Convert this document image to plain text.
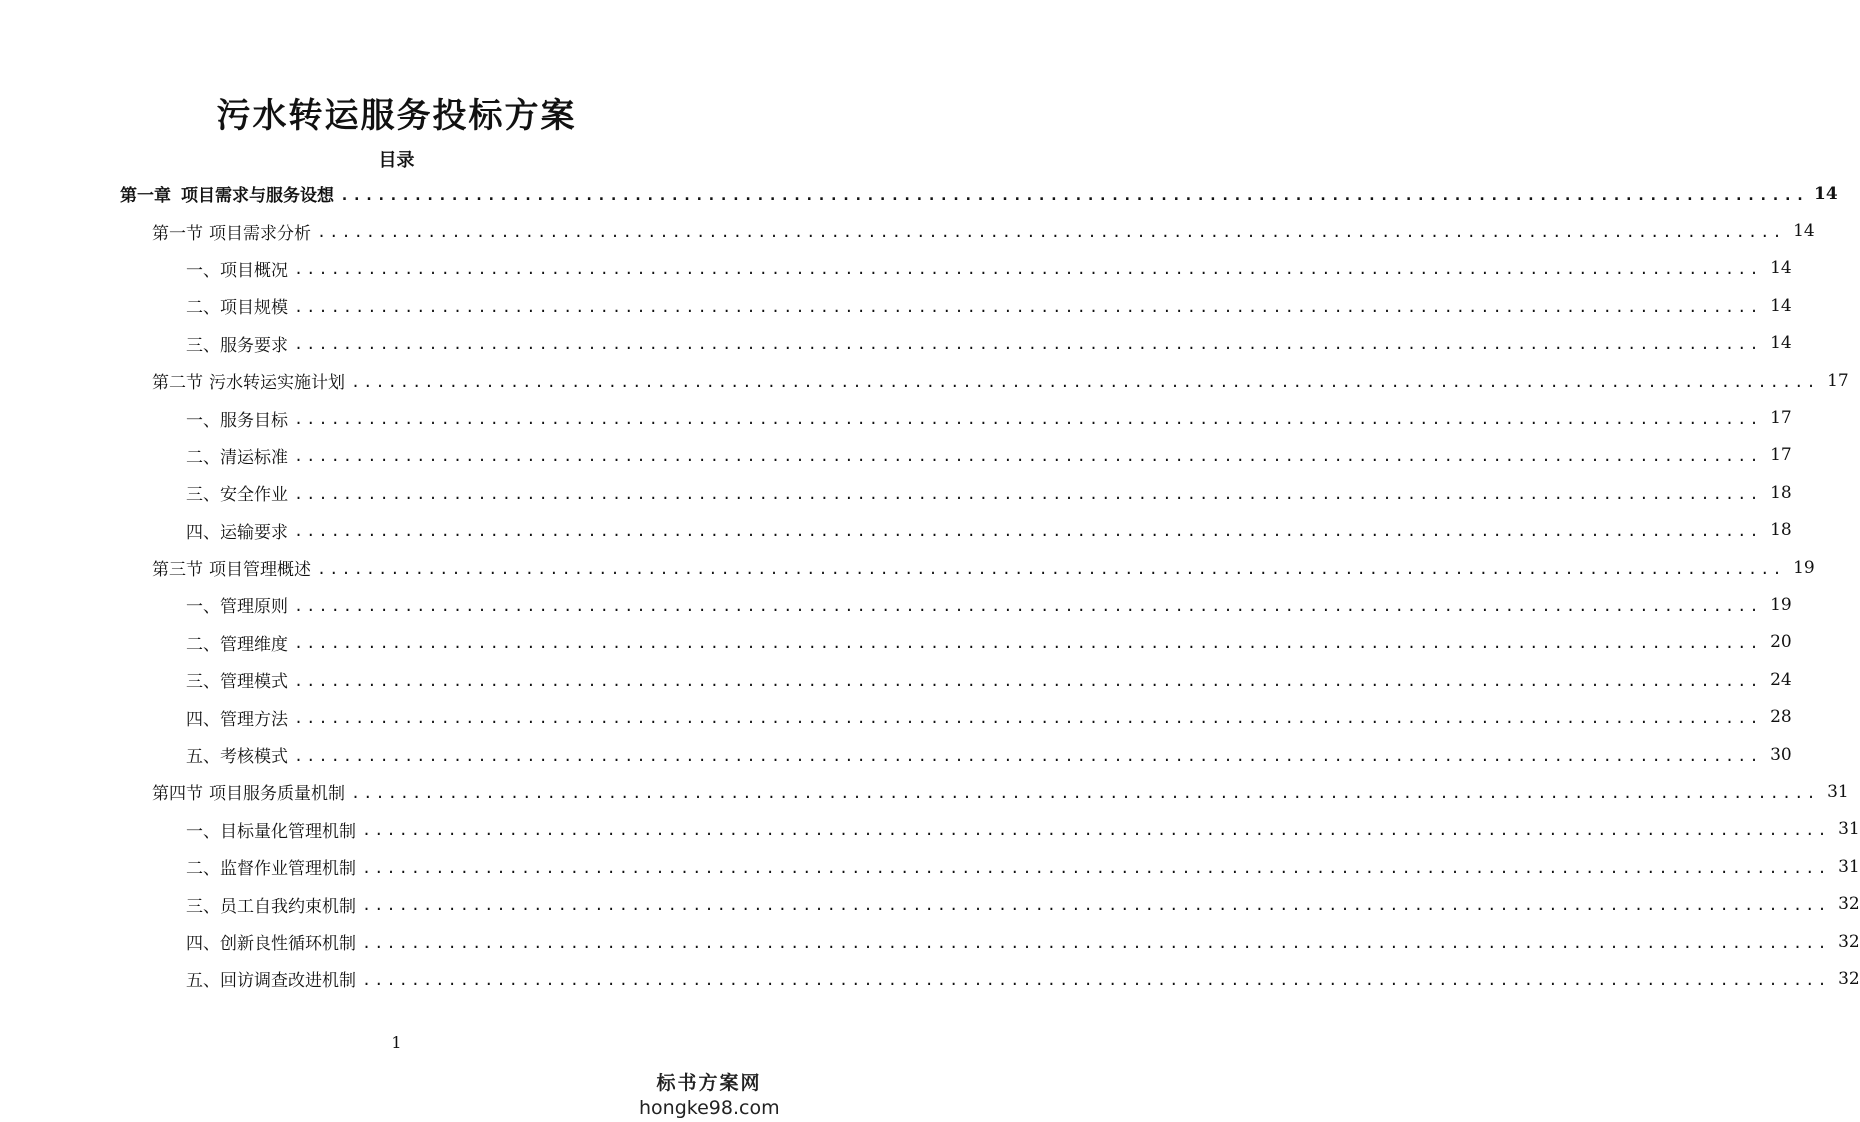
污水转运服务投标方案
目录
第一章 项目需求与服务设想 ........................................................................................................................ 14
第一节 项目需求分析 ........................................................................................................................ 14
一、项目概况 ........................................................................................................................ 14
二、项目规模 ........................................................................................................................ 14
三、服务要求 ........................................................................................................................ 14
第二节 污水转运实施计划 ........................................................................................................................ 17
一、服务目标 ........................................................................................................................ 17
二、清运标准 ........................................................................................................................ 17
三、安全作业 ........................................................................................................................ 18
四、运输要求 ........................................................................................................................ 18
第三节 项目管理概述 ........................................................................................................................ 19
一、管理原则 ........................................................................................................................ 19
二、管理维度 ........................................................................................................................ 20
三、管理模式 ........................................................................................................................ 24
四、管理方法 ........................................................................................................................ 28
五、考核模式 ........................................................................................................................ 30
第四节 项目服务质量机制 ........................................................................................................................ 31
一、目标量化管理机制 ........................................................................................................................ 31
二、监督作业管理机制 ........................................................................................................................ 31
三、员工自我约束机制 ........................................................................................................................ 32
四、创新良性循环机制 ........................................................................................................................ 32
五、回访调查改进机制 ........................................................................................................................ 32
1
标书方案网
hongke98.com
